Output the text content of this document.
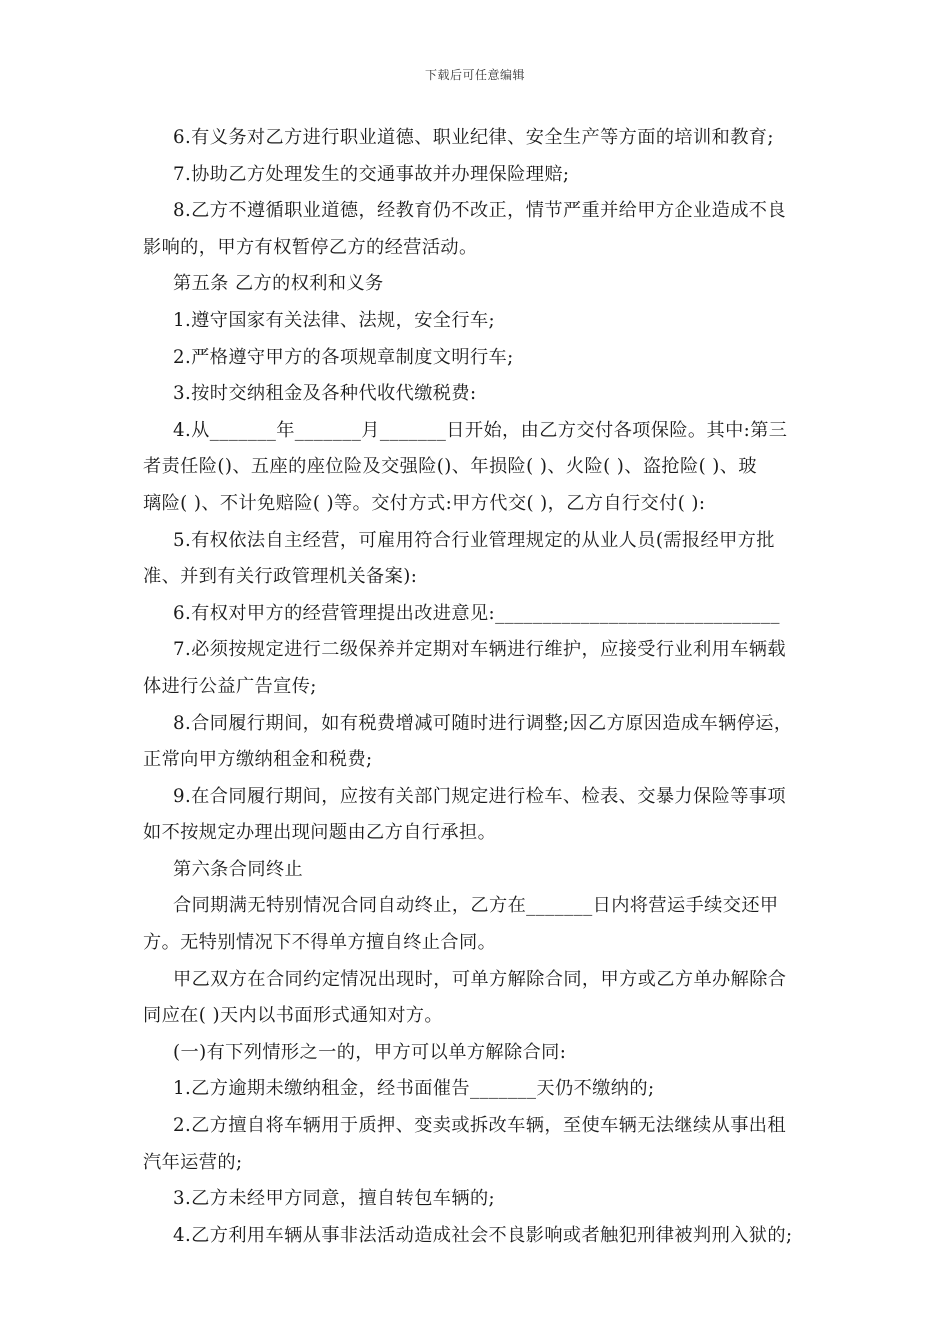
下载后可任意编辑
6.有义务对乙方进行职业道德、职业纪律、安全生产等方面的培训和教育;
7.协助乙方处理发生的交通事故并办理保险理赔;
8.乙方不遵循职业道德，经教育仍不改正，情节严重并给甲方企业造成不良
影响的，甲方有权暂停乙方的经营活动。
第五条 乙方的权利和义务
1.遵守国家有关法律、法规，安全行车;
2.严格遵守甲方的各项规章制度文明行车;
3.按时交纳租金及各种代收代缴税费:
4.从_______年_______月_______日开始，由乙方交付各项保险。其中:第三
者责任险()、五座的座位险及交强险()、年损险( )、火险( )、盗抢险( )、玻
璃险( )、不计免赔险( )等。交付方式:甲方代交( )，乙方自行交付( ):
5.有权依法自主经营，可雇用符合行业管理规定的从业人员(需报经甲方批
准、并到有关行政管理机关备案):
6.有权对甲方的经营管理提出改进意见:______________________________
7.必须按规定进行二级保养并定期对车辆进行维护，应接受行业利用车辆载
体进行公益广告宣传;
8.合同履行期间，如有税费增减可随时进行调整;因乙方原因造成车辆停运，
正常向甲方缴纳租金和税费;
9.在合同履行期间，应按有关部门规定进行检车、检表、交暴力保险等事项
如不按规定办理出现问题由乙方自行承担。
第六条合同终止
合同期满无特别情况合同自动终止，乙方在_______日内将营运手续交还甲
方。无特别情况下不得单方擅自终止合同。
甲乙双方在合同约定情况出现时，可单方解除合同，甲方或乙方单办解除合
同应在( )天内以书面形式通知对方。
(一)有下列情形之一的，甲方可以单方解除合同:
1.乙方逾期未缴纳租金，经书面催告_______天仍不缴纳的;
2.乙方擅自将车辆用于质押、变卖或拆改车辆，至使车辆无法继续从事出租
汽年运营的;
3.乙方未经甲方同意，擅自转包车辆的;
4.乙方利用车辆从事非法活动造成社会不良影响或者触犯刑律被判刑入狱的;
